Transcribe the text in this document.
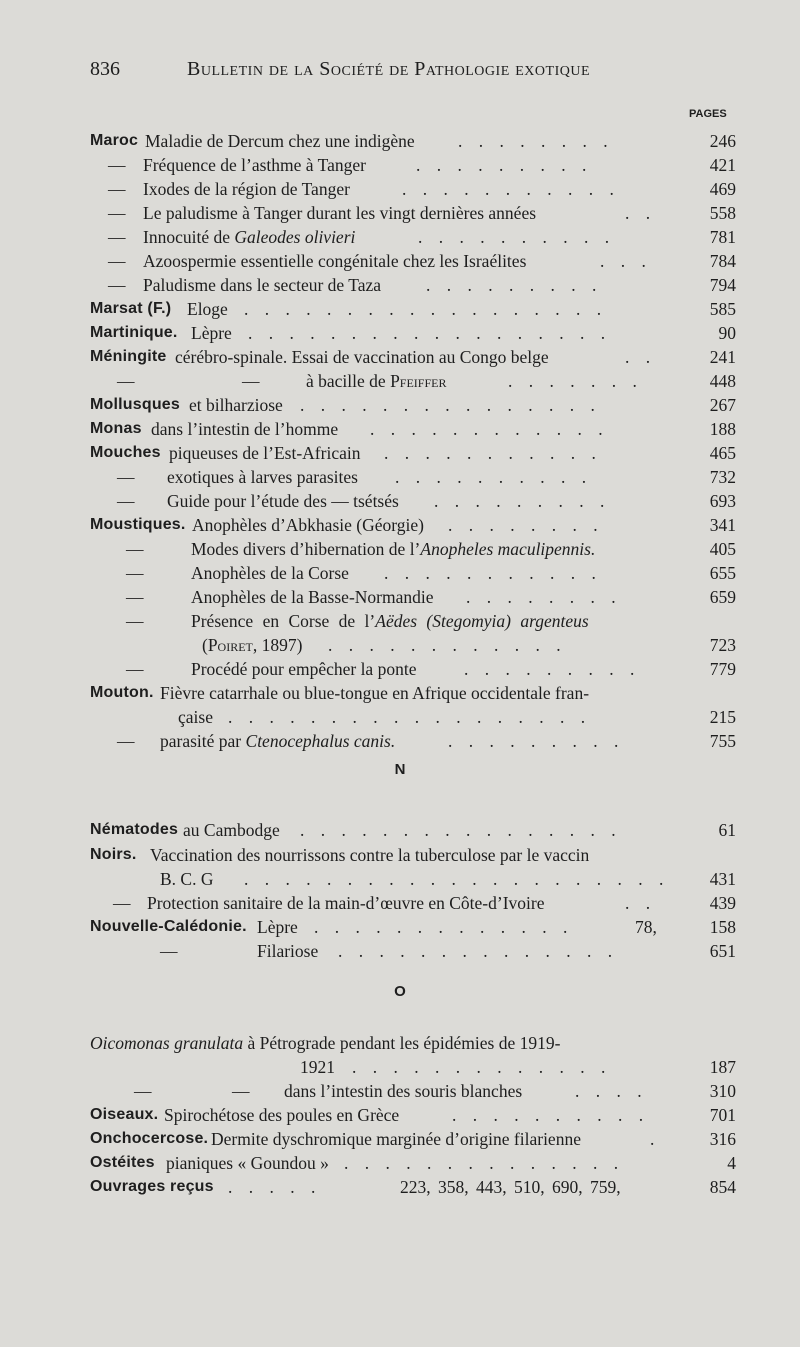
836	Bulletin de la Société de Pathologie exotique
PAGES
Maroc Maladie de Dercum chez une indigène . . . . . . . .	246
— Fréquence de l’asthme à Tanger	. . . . . . . . .	421
— Ixodes de la région de Tanger	. . . . . . . . . . .	469
— Le paludisme à Tanger durant les vingt dernières années	. .	558
— Innocuité de Galeodes olivieri	. . . . . . . . . .	781
— Azoospermie essentielle congénitale chez les Israélites	. . .	784
— Paludisme dans le secteur de Taza	. . . . . . . . .	794
Marsat (F.) Eloge . . . . . . . . . . . . . . . . . .	585
Martinique. Lèpre . . . . . . . . . . . . . . . . . .	90
Méningite cérébro-spinale. Essai de vaccination au Congo belge	. .	241
—	—	à bacille de Pfeiffer	. . . . . . .	448
Mollusques et bilharziose . . . . . . . . . . . . . . .	267
Monas dans l’intestin de l’homme . . . . . . . . . . . .	188
Mouches piqueuses de l’Est-Africain . . . . . . . . . . .	465
— exotiques à larves parasites . . . . . . . . . .	732
— Guide pour l’étude des — tsétsés . . . . . . . . .	693
Moustiques. Anophèles d’Abkhasie (Géorgie) . . . . . . . .	341
—	Modes divers d’hibernation de l’Anopheles maculipennis.	405
—	Anophèles de la Corse . . . . . . . . . . .	655
—	Anophèles de la Basse-Normandie . . . . . . . .	659
—	Présence en Corse de l’Aëdes (Stegomyia) argenteus
(Poiret, 1897) . . . . . . . . . . . .	723
—	Procédé pour empêcher la ponte	. . . . . . . . .	779
Mouton. Fièvre catarrhale ou blue-tongue en Afrique occidentale fran-
çaise . . . . . . . . . . . . . . . . . .	215
— parasité par Ctenocephalus canis.	. . . . . . . . .	755
N
Nématodes au Cambodge . . . . . . . . . . . . . . . .	61
Noirs. Vaccination des nourrissons contre la tuberculose par le vaccin
B. C. G . . . . . . . . . . . . . . . . . . . . . 431
— Protection sanitaire de la main-d’œuvre en Côte-d’Ivoire	. .	439
Nouvelle-Calédonie. Lèpre . . . . . . . . . . . . .	78,	158
—	Filariose . . . . . . . . . . . . . .	651
O
Oicomonas granulata à Pétrograde pendant les épidémies de 1919-
1921 . . . . . . . . . . . . .	187
—	— dans l’intestin des souris blanches	. . . .	310
Oiseaux. Spirochétose des poules en Grèce	. . . . . . . . . .	701
Onchocercose. Dermite dyschromique marginée d’origine filarienne	.	316
Ostéites pianiques « Goundou » . . . . . . . . . . . . . .	4
Ouvrages reçus . . . . .	223, 358, 443, 510, 690, 759,	854
